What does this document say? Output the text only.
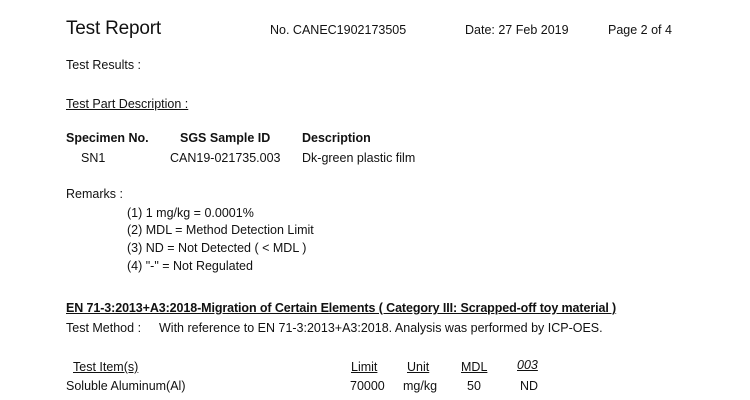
Test Report	No. CANEC1902173505	Date: 27 Feb 2019	Page 2 of 4
Test Results :
Test Part Description :
Specimen No.	SGS Sample ID	Description
SN1	CAN19-021735.003 Dk-green plastic film
Remarks :
(1) 1 mg/kg = 0.0001%
(2) MDL = Method Detection Limit
(3) ND = Not Detected ( < MDL )
(4) "-" = Not Regulated
EN 71-3:2013+A3:2018-Migration of Certain Elements ( Category III: Scrapped-off toy material )
Test Method : With reference to EN 71-3:2013+A3:2018. Analysis was performed by ICP-OES.
Test Item(s)	Limit Unit	MDL 003
Soluble Aluminum(Al)	70000 mg/kg 50	ND
